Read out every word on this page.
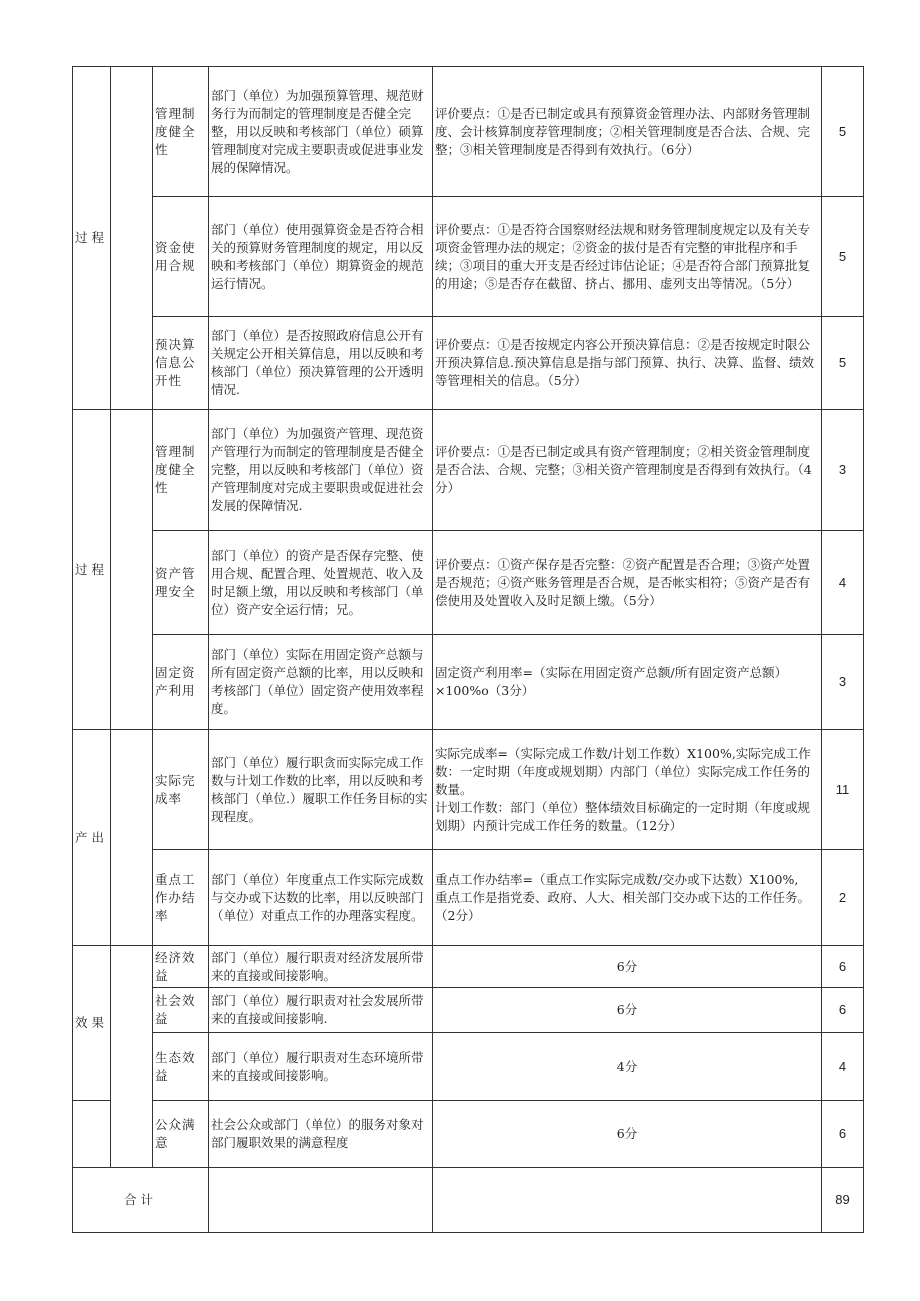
过程		管理制度健全性	部门（单位）为加强预算管理、规范财务行为而制定的管理制度是否健全完整，用以反映和考核部门（单位）硕算管理制度对完成主要职责或促进事业发展的保障情况。	评价要点：①是否已制定或具有预算资金管理办法、内部财务管理制度、会计核算制度荐管理制度；②相关管理制度是否合法、合规、完整；③相关管理制度是否得到有效执行。（6分）	5
		资金使用合规	部门（单位）使用强算资金是否符合相关的预算财务管理制度的规定，用以反映和考核部门（单位）期算资金的规范运行情况。	评价要点：①是否符合国察财经法规和财务管理制度规定以及有关专项资金管理办法的规定；②资金的拔付是否有完整的审批程序和手续；③项目的重大开支是否经过讳估论证；④是否符合部门预算批复的用途；⑤是否存在截留、挤占、挪用、虚列支出等情况。（5分）	5
		预决算信息公开性	部门（单位）是否按照政府信息公开有关规定公开相关算信息，用以反映和考核部门（单位）预决算管理的公开透明情况.	评价要点：①是否按规定内容公开预决算信息：②是否按规定时限公开预决算信息.预决算信息是指与部门预算、执行、决算、监督、绩效等管理相关的信息。（5分）	5
过程		管理制度健全性	部门（单位）为加强资产管理、现范资产管理行为而制定的管理制度是否健全完整，用以反映和考核部门（单位）资产管理制度对完成主要职贵或促进社会发展的保障情况.	评价要点：①是否已制定或具有资产管理制度；②相关资金管理制度是否合法、合规、完整；③相关资产管理制度是否得到有效执行。（4分）	3
		资产管理安全	部门（单位）的资产是否保存完整、使用合规、配置合理、处置规范、收入及时足额上缴，用以反映和考核部门（单位）资产安全运行情；兄。	评价要点：①资产保存是否完整：②资产配置是否合理；③资产处置是否规范；④资产账务管理是否合规，是否帐实相符；⑤资产是否有偿使用及处置收入及时足额上缴。（5分）	4
		固定资产利用	部门（单位）实际在用固定资产总额与所有固定资产总额的比率，用以反映和考核部门（单位）固定资产使用效率程度。	固定资产利用率=（实际在用固定资产总额/所有固定资产总额）×100%o（3分）	3
产出		实际完成率	部门（单位）履行职贪而实际完成工作数与计划工作数的比率，用以反映和考核部门（单位.）履职工作任务目标的实现程度。	实际完成率=（实际完成工作数/计划工作数）X100%,实际完成工作数：一定时期（年度或规划期）内部门（单位）实际完成工作任务的数量。
计划工作数：部门（单位）整体绩效目标确定的一定时期（年度或规划期）内预计完成工作任务的数量。（12分）	11
		重点工作办结率	部门（单位）年度重点工作实际完成数与交办或下达数的比率，用以反映部门（单位）对重点工作的办理落实程度。	重点工作办结率=（重点工作实际完成数/交办或下达数）X100%,
重点工作是指党委、政府、人大、相关部门交办或下达的工作任务。（2分）	2
效果		经济效益	部门（单位）履行职责对经济发展所带来的直接或间接影响。	6分	6
		社会效益	部门（单位）履行职责对社会发展所带来的直接或间接影响.	6分	6
		生态效益	部门（单位）履行职责对生态环境所带来的直接或间接影响。	4分	4
		公众满意	社会公众或部门（单位）的服务对象对部门履职效果的满意程度	6分	6
合计					89
